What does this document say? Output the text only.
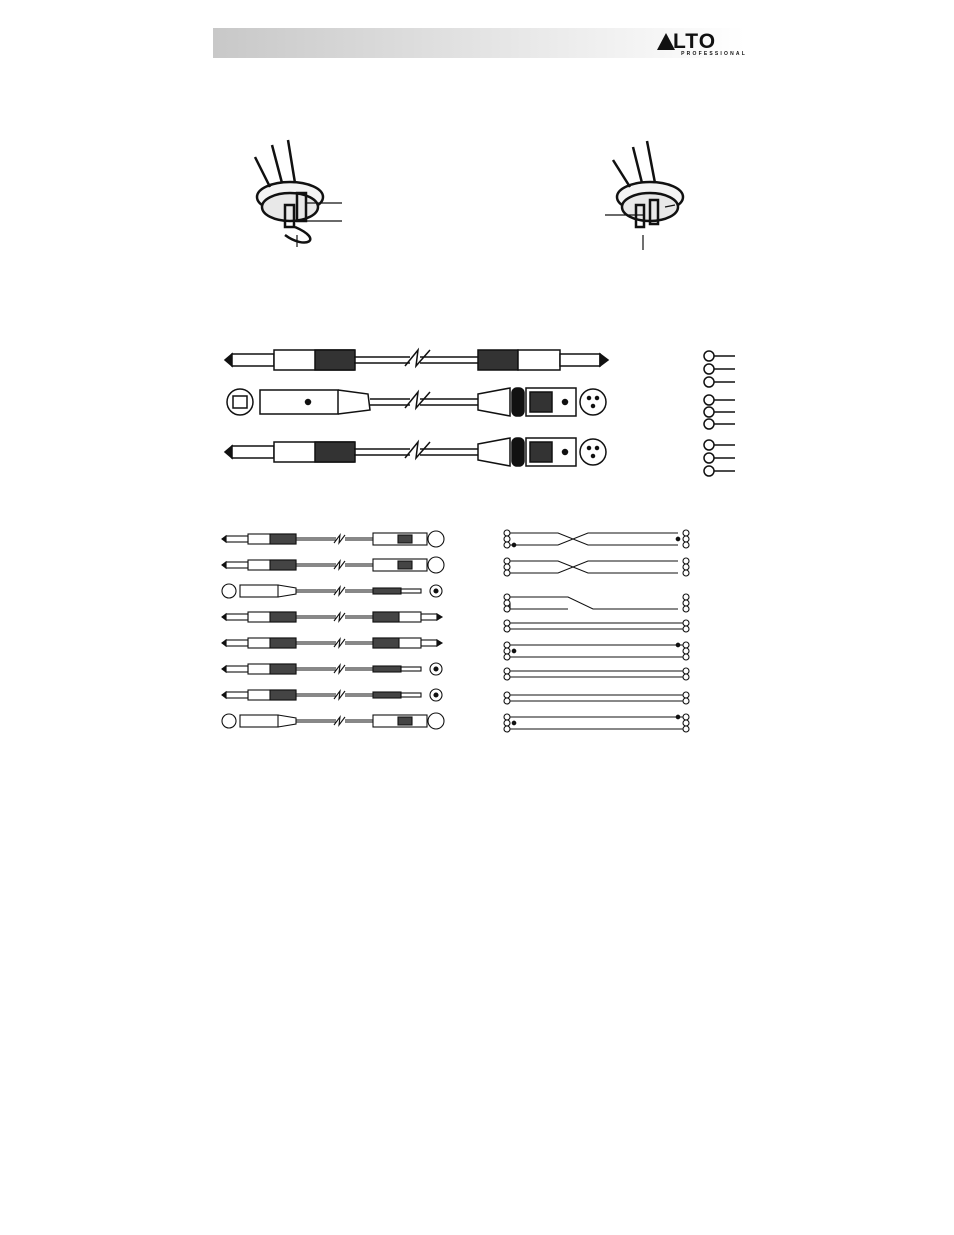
LTO
PROFESSIONAL
